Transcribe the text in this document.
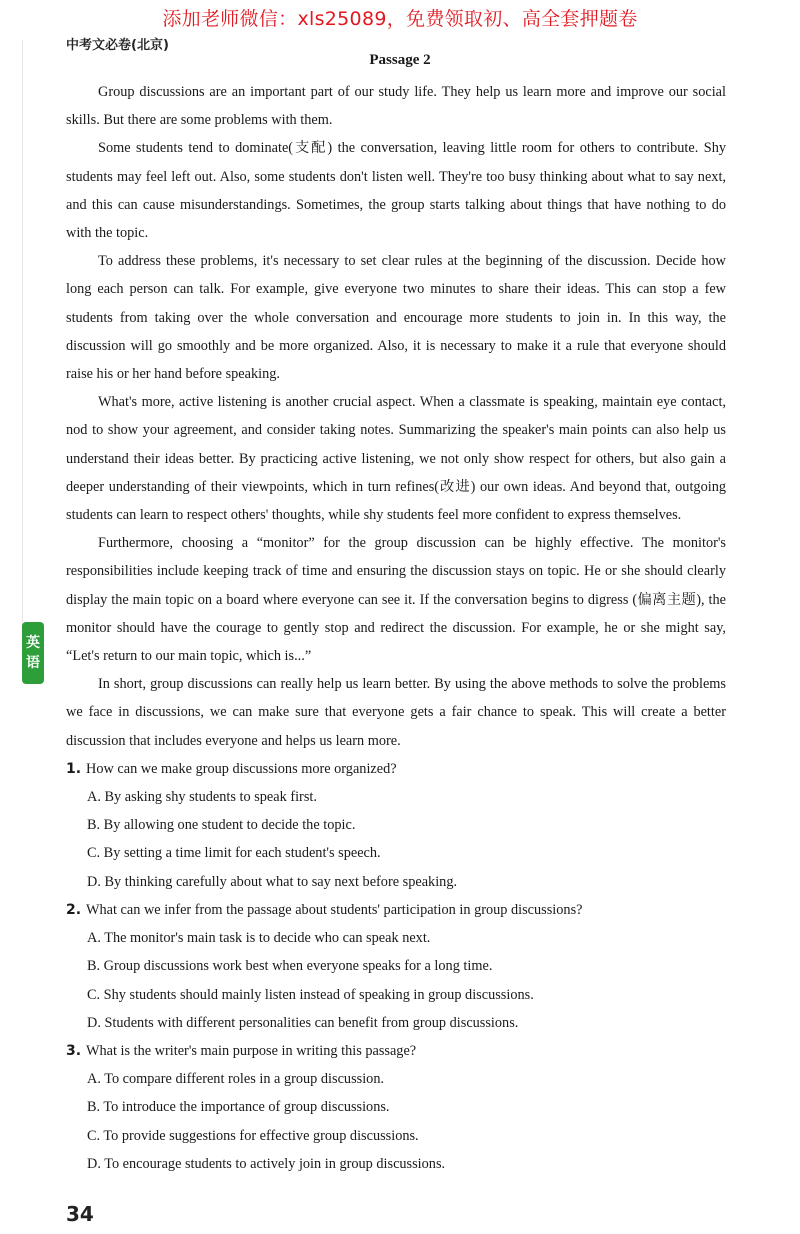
添加老师微信：xls25089，免费领取初、高全套押题卷
中考文必卷(北京)
Passage 2

Group discussions are an important part of our study life. They help us learn more and improve our social skills. But there are some problems with them.

Some students tend to dominate(支配) the conversation, leaving little room for others to contribute. Shy students may feel left out. Also, some students don't listen well. They're too busy thinking about what to say next, and this can cause misunderstandings. Sometimes, the group starts talking about things that have nothing to do with the topic.

To address these problems, it's necessary to set clear rules at the beginning of the discussion. Decide how long each person can talk. For example, give everyone two minutes to share their ideas. This can stop a few students from taking over the whole conversation and encourage more students to join in. In this way, the discussion will go smoothly and be more organized. Also, it is necessary to make it a rule that everyone should raise his or her hand before speaking.

What's more, active listening is another crucial aspect. When a classmate is speaking, maintain eye contact, nod to show your agreement, and consider taking notes. Summarizing the speaker's main points can also help us understand their ideas better. By practicing active listening, we not only show respect for others, but also gain a deeper understanding of their viewpoints, which in turn refines(改进) our own ideas. And beyond that, outgoing students can learn to respect others' thoughts, while shy students feel more confident to express themselves.

Furthermore, choosing a “monitor” for the group discussion can be highly effective. The monitor's responsibilities include keeping track of time and ensuring the discussion stays on topic. He or she should clearly display the main topic on a board where everyone can see it. If the conversation begins to digress (偏离主题), the monitor should have the courage to gently stop and redirect the discussion. For example, he or she might say, “Let's return to our main topic, which is...”

In short, group discussions can really help us learn better. By using the above methods to solve the problems we face in discussions, we can make sure that everyone gets a fair chance to speak. This will create a better discussion that includes everyone and helps us learn more.

1. How can we make group discussions more organized?
A. By asking shy students to speak first.
B. By allowing one student to decide the topic.
C. By setting a time limit for each student's speech.
D. By thinking carefully about what to say next before speaking.
2. What can we infer from the passage about students' participation in group discussions?
A. The monitor's main task is to decide who can speak next.
B. Group discussions work best when everyone speaks for a long time.
C. Shy students should mainly listen instead of speaking in group discussions.
D. Students with different personalities can benefit from group discussions.
3. What is the writer's main purpose in writing this passage?
A. To compare different roles in a group discussion.
B. To introduce the importance of group discussions.
C. To provide suggestions for effective group discussions.
D. To encourage students to actively join in group discussions.
英
语
34
